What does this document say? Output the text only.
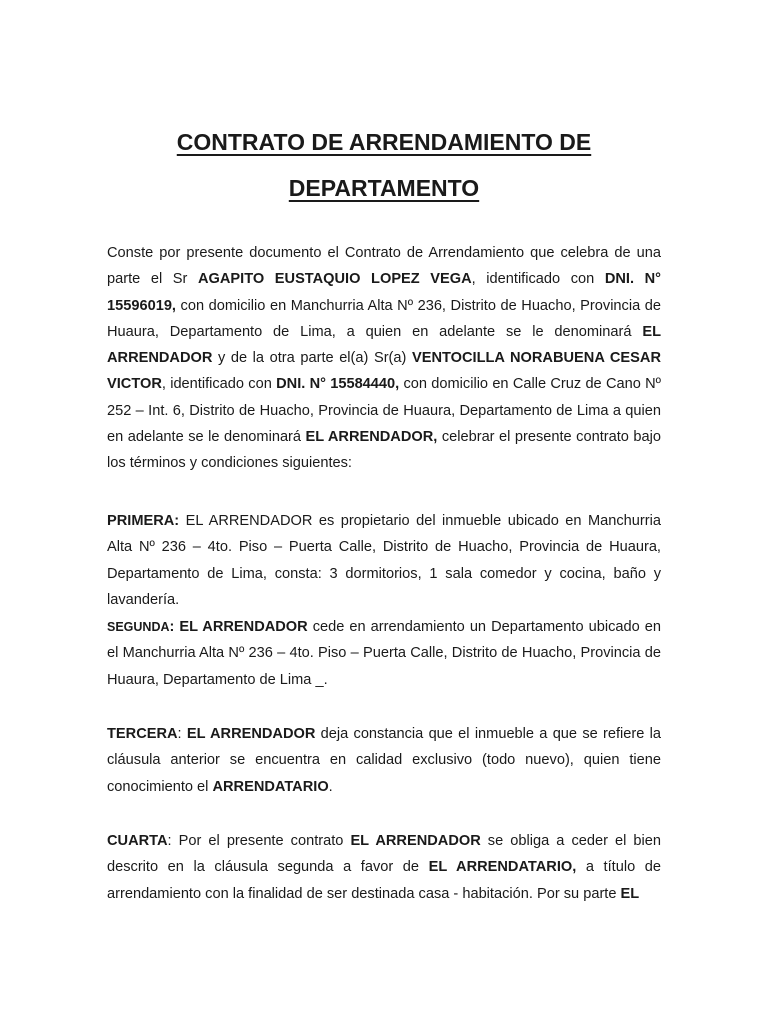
CONTRATO DE ARRENDAMIENTO DE
DEPARTAMENTO

Conste por presente documento el Contrato de Arrendamiento que celebra de una parte el Sr AGAPITO EUSTAQUIO LOPEZ VEGA, identificado con DNI. N° 15596019, con domicilio en Manchurria Alta Nº 236, Distrito de Huacho, Provincia de Huaura, Departamento de Lima, a quien en adelante se le denominará EL ARRENDADOR y de la otra parte el(a) Sr(a) VENTOCILLA NORABUENA CESAR VICTOR, identificado con DNI. N° 15584440, con domicilio en Calle Cruz de Cano Nº 252 – Int. 6, Distrito de Huacho, Provincia de Huaura, Departamento de Lima a quien en adelante se le denominará EL ARRENDADOR, celebrar el presente contrato bajo los términos y condiciones siguientes:

PRIMERA: EL ARRENDADOR es propietario del inmueble ubicado en Manchurria Alta Nº 236 – 4to. Piso – Puerta Calle, Distrito de Huacho, Provincia de Huaura, Departamento de Lima, consta: 3 dormitorios, 1 sala comedor y cocina, baño y lavandería.

SEGUNDA: EL ARRENDADOR cede en arrendamiento un Departamento ubicado en el Manchurria Alta Nº 236 – 4to. Piso – Puerta Calle, Distrito de Huacho, Provincia de Huaura, Departamento de Lima _.

TERCERA: EL ARRENDADOR deja constancia que el inmueble a que se refiere la cláusula anterior se encuentra en calidad exclusivo (todo nuevo), quien tiene conocimiento el ARRENDATARIO.

CUARTA: Por el presente contrato EL ARRENDADOR se obliga a ceder el bien descrito en la cláusula segunda a favor de EL ARRENDATARIO, a título de arrendamiento con la finalidad de ser destinada casa - habitación. Por su parte EL
